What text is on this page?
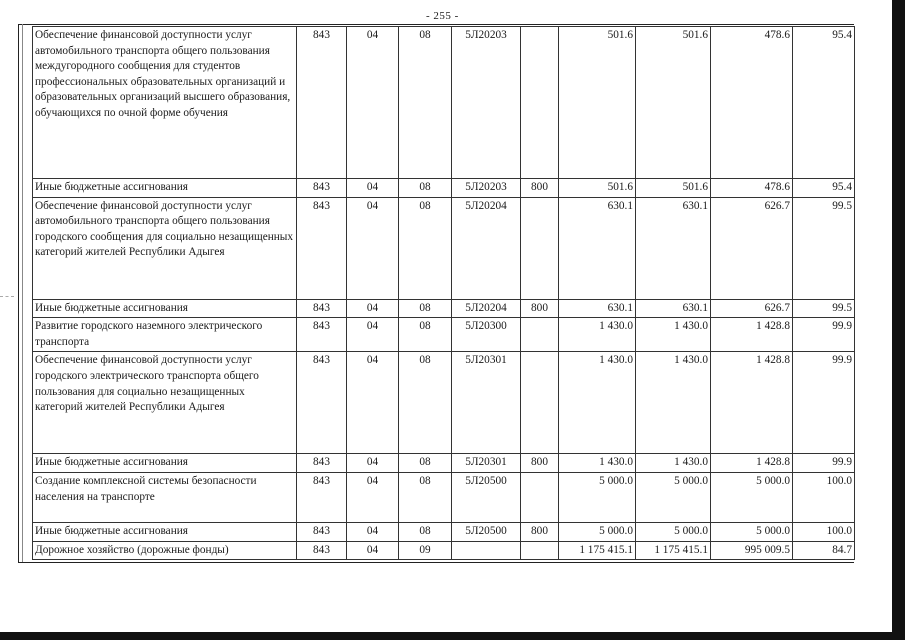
- 255 -
Обеспечение финансовой доступности услуг автомобильного транспорта общего пользования междугородного сообщения для студентов профессиональных образовательных организаций и образовательных организаций высшего образования, обучающихся по очной форме обучения	843	04	08	5Л20203		501.6	501.6	478.6	95.4
Иные бюджетные ассигнования	843	04	08	5Л20203	800	501.6	501.6	478.6	95.4
Обеспечение финансовой доступности услуг автомобильного транспорта общего пользования городского сообщения для социально незащищенных категорий жителей Республики Адыгея	843	04	08	5Л20204		630.1	630.1	626.7	99.5
Иные бюджетные ассигнования	843	04	08	5Л20204	800	630.1	630.1	626.7	99.5
Развитие городского наземного электрического транспорта	843	04	08	5Л20300		1 430.0	1 430.0	1 428.8	99.9
Обеспечение финансовой доступности услуг городского электрического транспорта общего пользования для социально незащищенных категорий жителей Республики Адыгея	843	04	08	5Л20301		1 430.0	1 430.0	1 428.8	99.9
Иные бюджетные ассигнования	843	04	08	5Л20301	800	1 430.0	1 430.0	1 428.8	99.9
Создание комплексной системы безопасности населения на транспорте	843	04	08	5Л20500		5 000.0	5 000.0	5 000.0	100.0
Иные бюджетные ассигнования	843	04	08	5Л20500	800	5 000.0	5 000.0	5 000.0	100.0
Дорожное хозяйство (дорожные фонды)	843	04	09			1 175 415.1	1 175 415.1	995 009.5	84.7
